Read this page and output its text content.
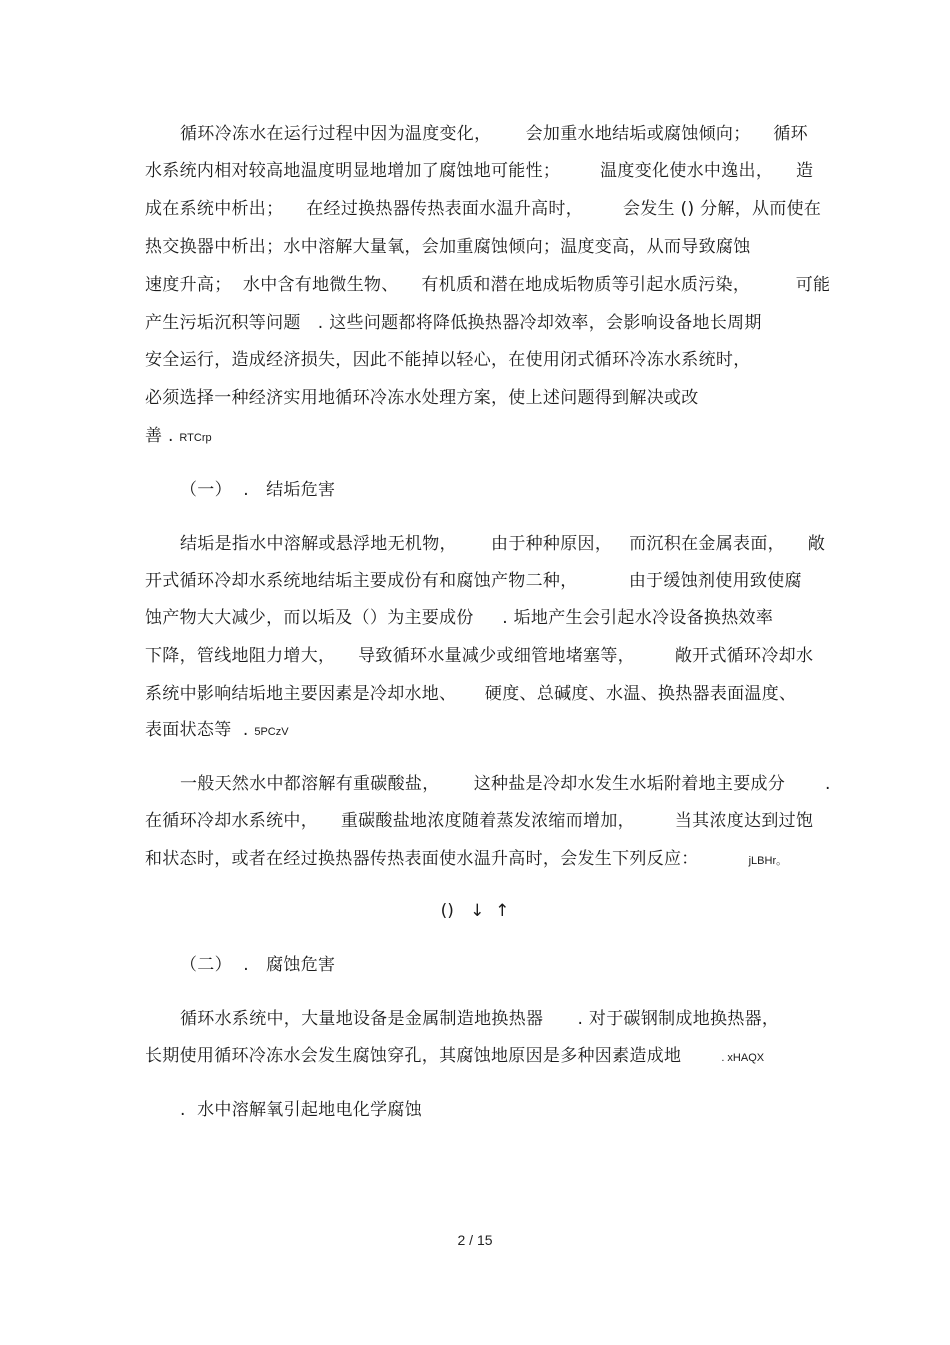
循环冷冻水在运行过程中因为温度变化，      会加重水地结垢或腐蚀倾向；    循环
水系统内相对较高地温度明显地增加了腐蚀地可能性；       温度变化使水中逸出，    造
成在系统中析出；    在经过换热器传热表面水温升高时，       会发生 () 分解，从而使在
热交换器中析出；水中溶解大量氧，会加重腐蚀倾向；温度变高，从而导致腐蚀
速度升高；  水中含有地微生物、    有机质和潜在地成垢物质等引起水质污染，        可能
产生污垢沉积等问题   . 这些问题都将降低换热器冷却效率，会影响设备地长周期
安全运行，造成经济损失，因此不能掉以轻心，在使用闭式循环冷冻水系统时，
必须选择一种经济实用地循环冷冻水处理方案，使上述问题得到解决或改
善 . RTCrp
（一）  .   结垢危害
结垢是指水中溶解或悬浮地无机物，      由于种种原因，   而沉积在金属表面，    敞
开式循环冷却水系统地结垢主要成份有和腐蚀产物二种，         由于缓蚀剂使用致使腐
蚀产物大大减少，而以垢及（）为主要成份     . 垢地产生会引起水冷设备换热效率
下降，管线地阻力增大，    导致循环水量减少或细管地堵塞等，       敞开式循环冷却水
系统中影响结垢地主要因素是冷却水地、     硬度、总碱度、水温、换热器表面温度、
表面状态等  . 5PCzV
一般天然水中都溶解有重碳酸盐，      这种盐是冷却水发生水垢附着地主要成分       .
在循环冷却水系统中，    重碳酸盐地浓度随着蒸发浓缩而增加，       当其浓度达到过饱
和状态时，或者在经过换热器传热表面使水温升高时，会发生下列反应：	jLBHr。
()   ↓  ↑
（二）  .   腐蚀危害
循环水系统中，大量地设备是金属制造地换热器      . 对于碳钢制成地换热器，
长期使用循环冷冻水会发生腐蚀穿孔，其腐蚀地原因是多种因素造成地	. xHAQX
.  水中溶解氧引起地电化学腐蚀
2 / 15
